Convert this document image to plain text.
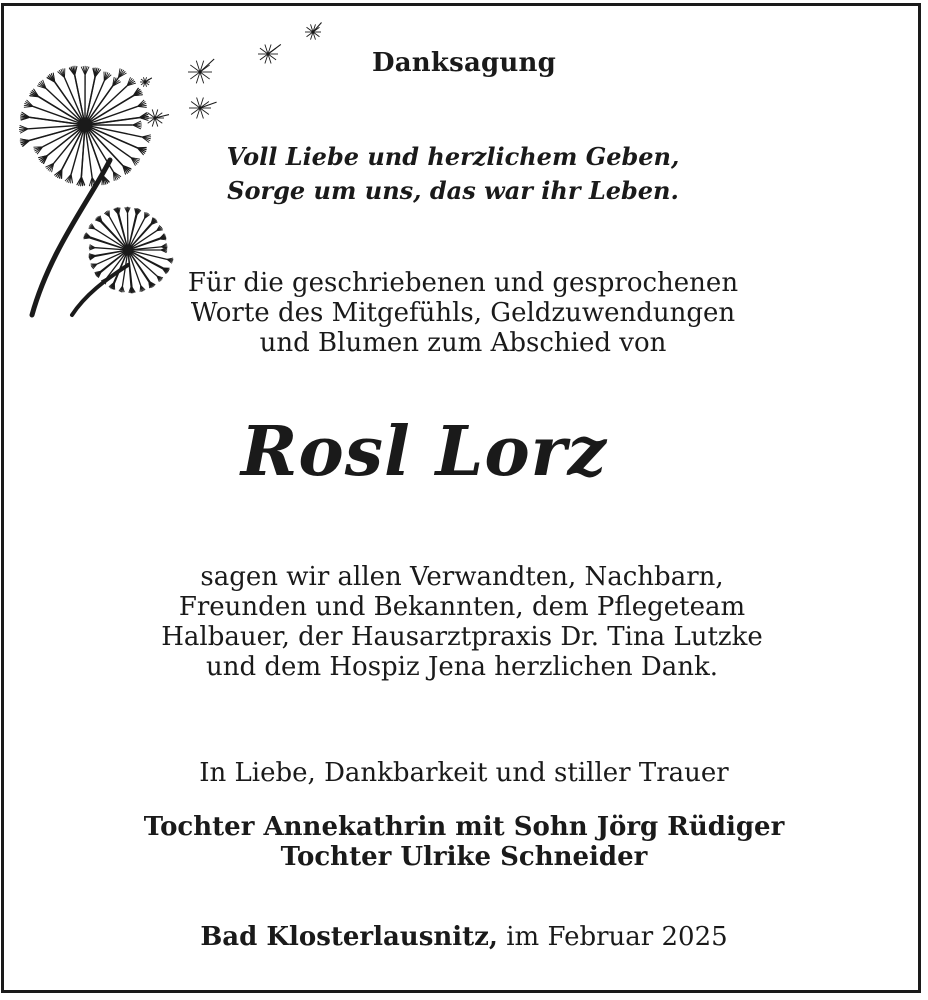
Danksagung
Voll Liebe und herzlichem Geben,
Sorge um uns, das war ihr Leben.
Für die geschriebenen und gesprochenen
Worte des Mitgefühls, Geldzuwendungen
und Blumen zum Abschied von
Rosl Lorz
sagen wir allen Verwandten, Nachbarn,
Freunden und Bekannten, dem Pflegeteam
Halbauer, der Hausarztpraxis Dr. Tina Lutzke
und dem Hospiz Jena herzlichen Dank.
In Liebe, Dankbarkeit und stiller Trauer
Tochter Annekathrin mit Sohn Jörg Rüdiger
Tochter Ulrike Schneider
Bad Klosterlausnitz, im Februar 2025
